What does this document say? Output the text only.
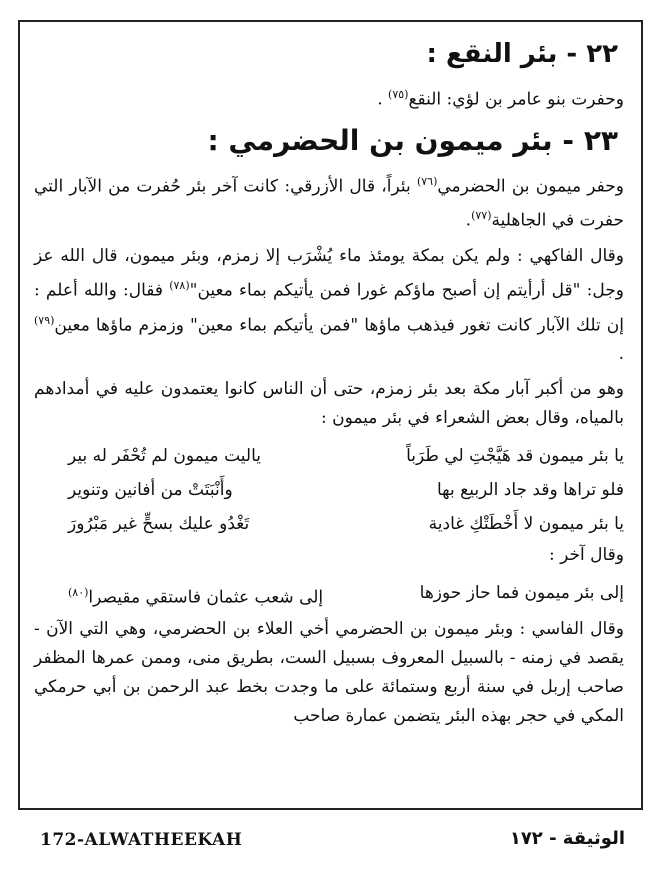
٢٢ - بئر النقع :
وحفرت بنو عامر بن لؤي: النقع$^{(٧٥)}$ .
٢٣ - بئر ميمون بن الحضرمي :
وحفر ميمون بن الحضرمي$^{(٧٦)}$ بئراً، قال الأزرقي: كانت آخر بئر حُفرت من الآبار التي حفرت في الجاهلية$^{(٧٧)}$.
وقال الفاكهي : ولم يكن بمكة يومئذ ماء يُشْرَب إلا زمزم، وبئر ميمون، قال الله عز وجل: "قل أرأيتم إن أصبح ماؤكم غورا فمن يأتيكم بماء معين"$^{(٧٨)}$ فقال: والله أعلم : إن تلك الآبار كانت تغور فيذهب ماؤها "فمن يأتيكم بماء معين" وزمزم ماؤها معين$^{(٧٩)}$ .
وهو من أكبر آبار مكة بعد بئر زمزم، حتى أن الناس كانوا يعتمدون عليه في أمدادهم بالمياه، وقال بعض الشعراء في بئر ميمون :
يا بئر ميمون قد هَيَّجْتِ لي طَرَباً
ياليت ميمون لم تُحْفَر له بير
فلو تراها وقد جاد الربيع بها
وأَنْبَتَتْ من أفانين وتنوير
يا بئر ميمون لا أَخْطَتْكِ غادية
تَغْدُو عليك بسحٍّ غير مَبْرُورَ
وقال آخر :
إلى بئر ميمون فما حاز حوزها
إلى شعب عثمان فاستقي مقيصرا$^{(٨٠)}$
وقال الفاسي : وبئر ميمون بن الحضرمي أخي العلاء بن الحضرمي، وهي التي الآن - يقصد في زمنه - بالسبيل المعروف بسبيل الست، بطريق منى، وممن عمرها المظفر صاحب إربل في سنة أربع وستمائة على ما وجدت بخط عبد الرحمن بن أبي حرمكي المكي في حجر بهذه البئر يتضمن عمارة صاحب
172-ALWATHEEKAH	الوثيقة - ١٧٢
